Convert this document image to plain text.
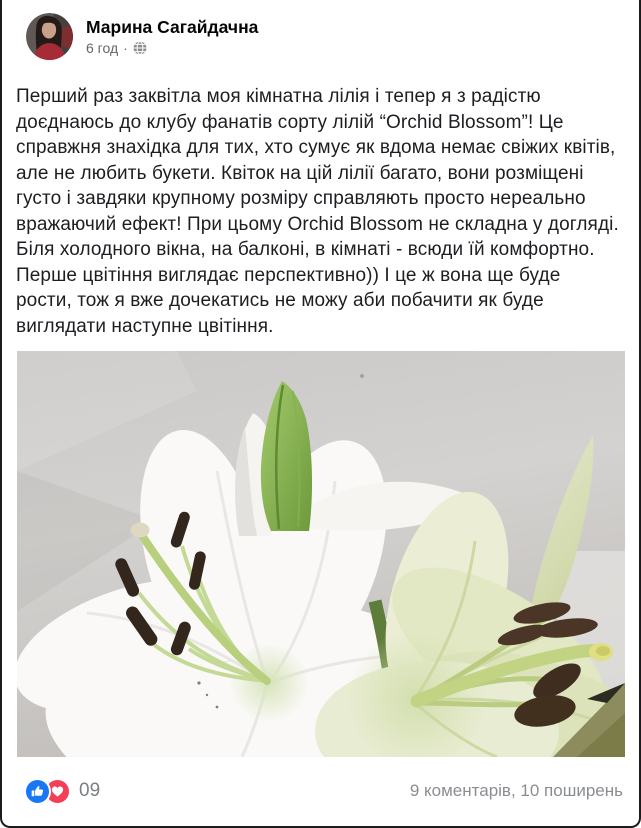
Марина Сагайдачна
6 год ·
Перший раз заквітла моя кімнатна лілія і тепер я з радістю доєднаюсь до клубу фанатів сорту лілій “Orchid Blossom”! Це справжня знахідка для тих, хто сумує як вдома немає свіжих квітів, але не любить букети. Квіток на цій лілії багато, вони розміщені густо і завдяки крупному розміру справляють просто нереально вражаючий ефект! При цьому Orchid Blossom не складна у догляді. Біля холодного вікна, на балконі, в кімнаті - всюди їй комфортно. Перше цвітіння виглядає перспективно)) І це ж вона ще буде рости, тож я вже дочекатись не можу аби побачити як буде виглядати наступне цвітіння.
09	9 коментарів, 10 поширень
